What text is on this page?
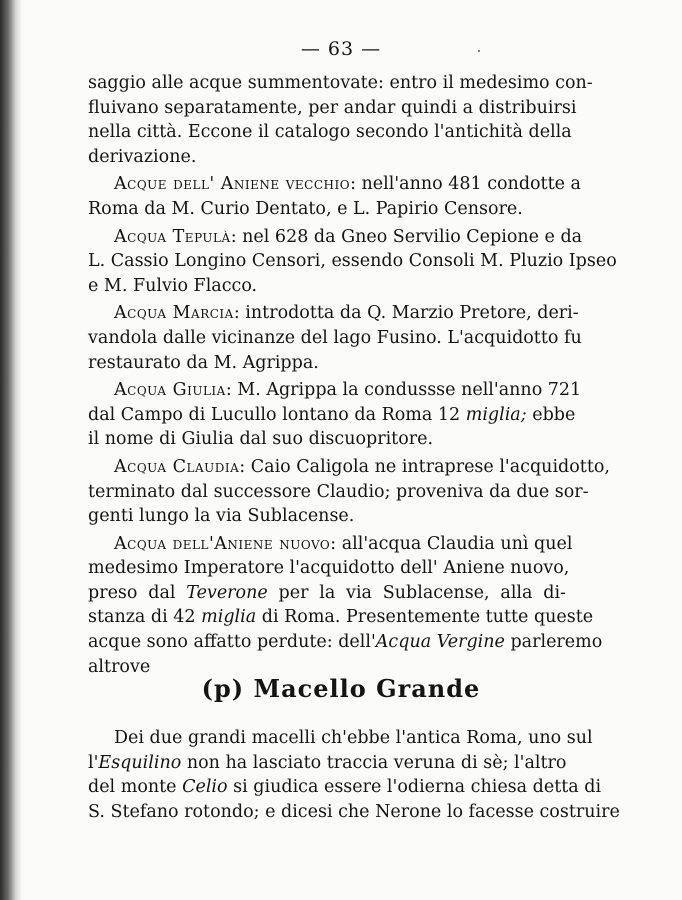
— 63 —
saggio alle acque summentovate: entro il medesimo con-
fluivano separatamente, per andar quindi a distribuirsi
nella città. Eccone il catalogo secondo l'antichità della
derivazione.
Acque dell' Aniene vecchio: nell'anno 481 condotte a
Roma da M. Curio Dentato, e L. Papirio Censore.
Acqua Tepulà: nel 628 da Gneo Servilio Cepione e da
L. Cassio Longino Censori, essendo Consoli M. Pluzio Ipseo
e M. Fulvio Flacco.
Acqua Marcia: introdotta da Q. Marzio Pretore, deri-
vandola dalle vicinanze del lago Fusino. L'acquidotto fu
restaurato da M. Agrippa.
Acqua Giulia: M. Agrippa la condussse nell'anno 721
dal Campo di Lucullo lontano da Roma 12 miglia; ebbe
il nome di Giulia dal suo discuopritore.
Acqua Claudia: Caio Caligola ne intraprese l'acquidotto,
terminato dal successore Claudio; proveniva da due sor-
genti lungo la via Sublacense.
Acqua dell'Aniene nuovo: all'acqua Claudia unì quel
medesimo Imperatore l'acquidotto dell' Aniene nuovo,
preso dal Teverone per la via Sublacense, alla di-
stanza di 42 miglia di Roma. Presentemente tutte queste
acque sono affatto perdute: dell'Acqua Vergine parleremo
altrove
(p) Macello Grande
Dei due grandi macelli ch'ebbe l'antica Roma, uno sul
l'Esquilino non ha lasciato traccia veruna di sè; l'altro
del monte Celio si giudica essere l'odierna chiesa detta di
S. Stefano rotondo; e dicesi che Nerone lo facesse costruire
